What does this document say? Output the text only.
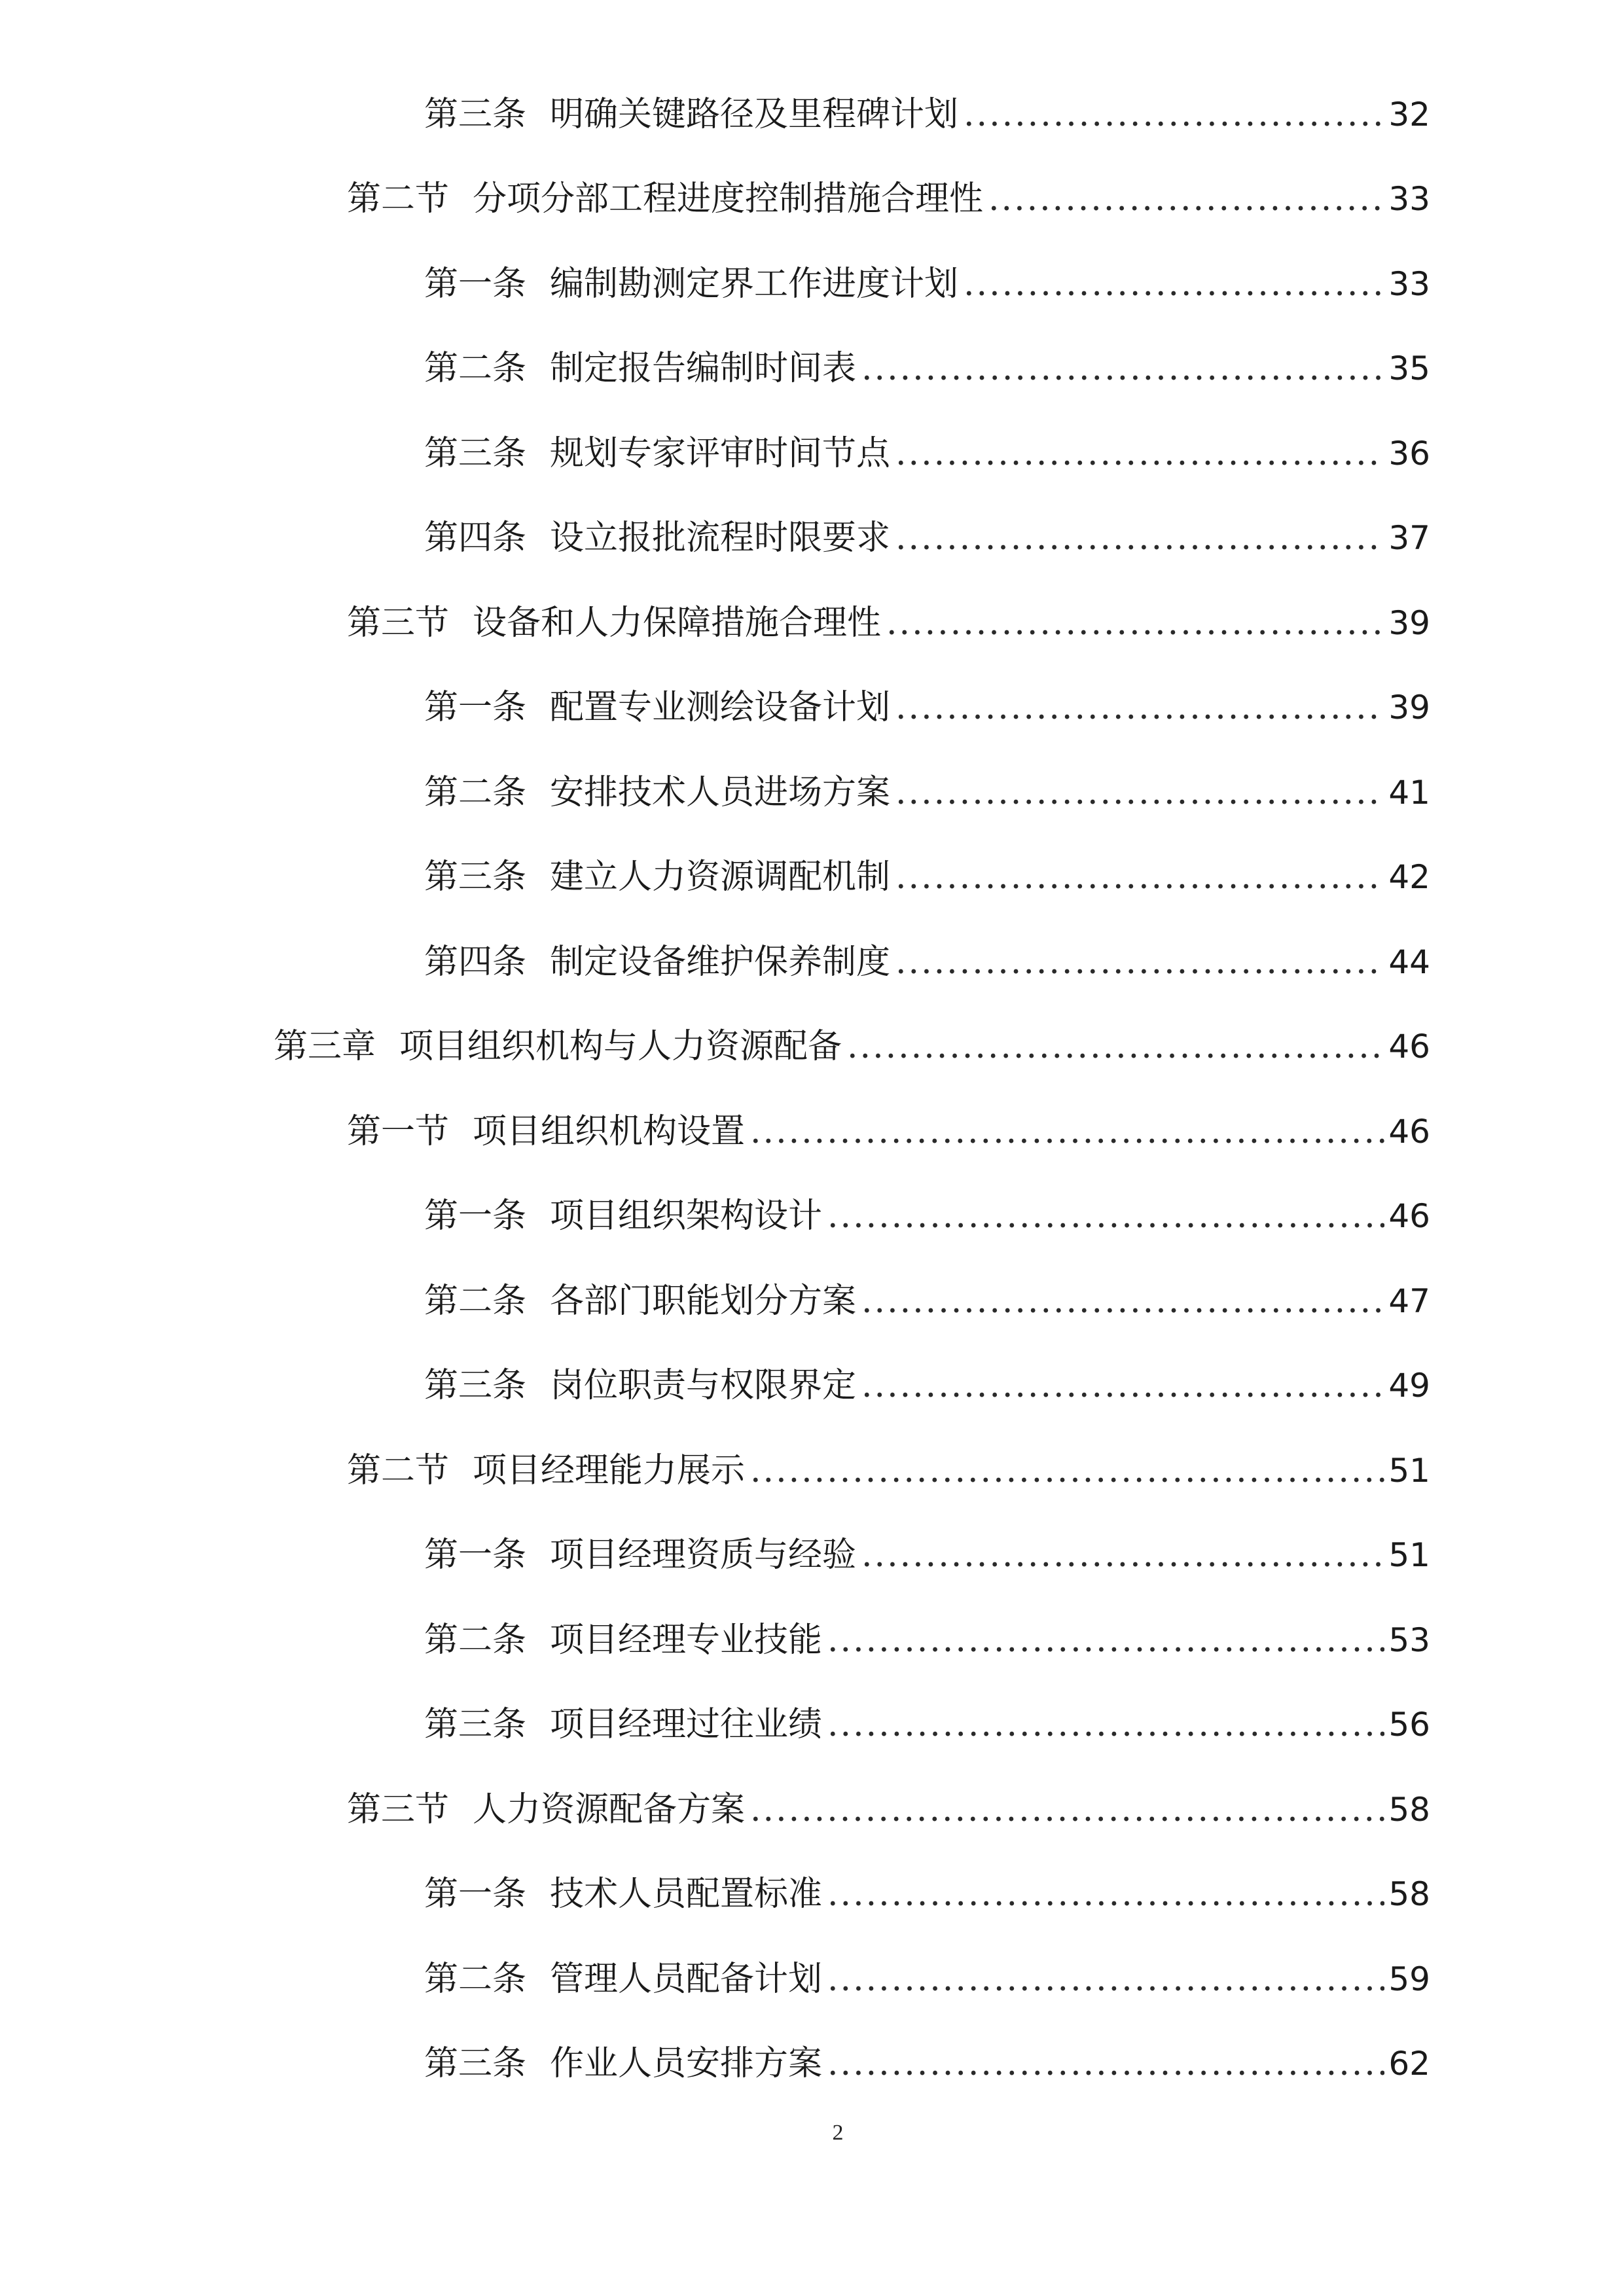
第三条 明确关键路径及里程碑计划 .....	32
第二节 分项分部工程进度控制措施合理性 .....	33
第一条 编制勘测定界工作进度计划 .....	33
第二条 制定报告编制时间表 .....	35
第三条 规划专家评审时间节点 .....	36
第四条 设立报批流程时限要求 .....	37
第三节 设备和人力保障措施合理性 .....	39
第一条 配置专业测绘设备计划 .....	39
第二条 安排技术人员进场方案 .....	41
第三条 建立人力资源调配机制 .....	42
第四条 制定设备维护保养制度 .....	44
第三章 项目组织机构与人力资源配备 .....	46
第一节 项目组织机构设置 .....	46
第一条 项目组织架构设计 .....	46
第二条 各部门职能划分方案 .....	47
第三条 岗位职责与权限界定 .....	49
第二节 项目经理能力展示 .....	51
第一条 项目经理资质与经验 .....	51
第二条 项目经理专业技能 .....	53
第三条 项目经理过往业绩 .....	56
第三节 人力资源配备方案 .....	58
第一条 技术人员配置标准 .....	58
第二条 管理人员配备计划 .....	59
第三条 作业人员安排方案 .....	62
2
